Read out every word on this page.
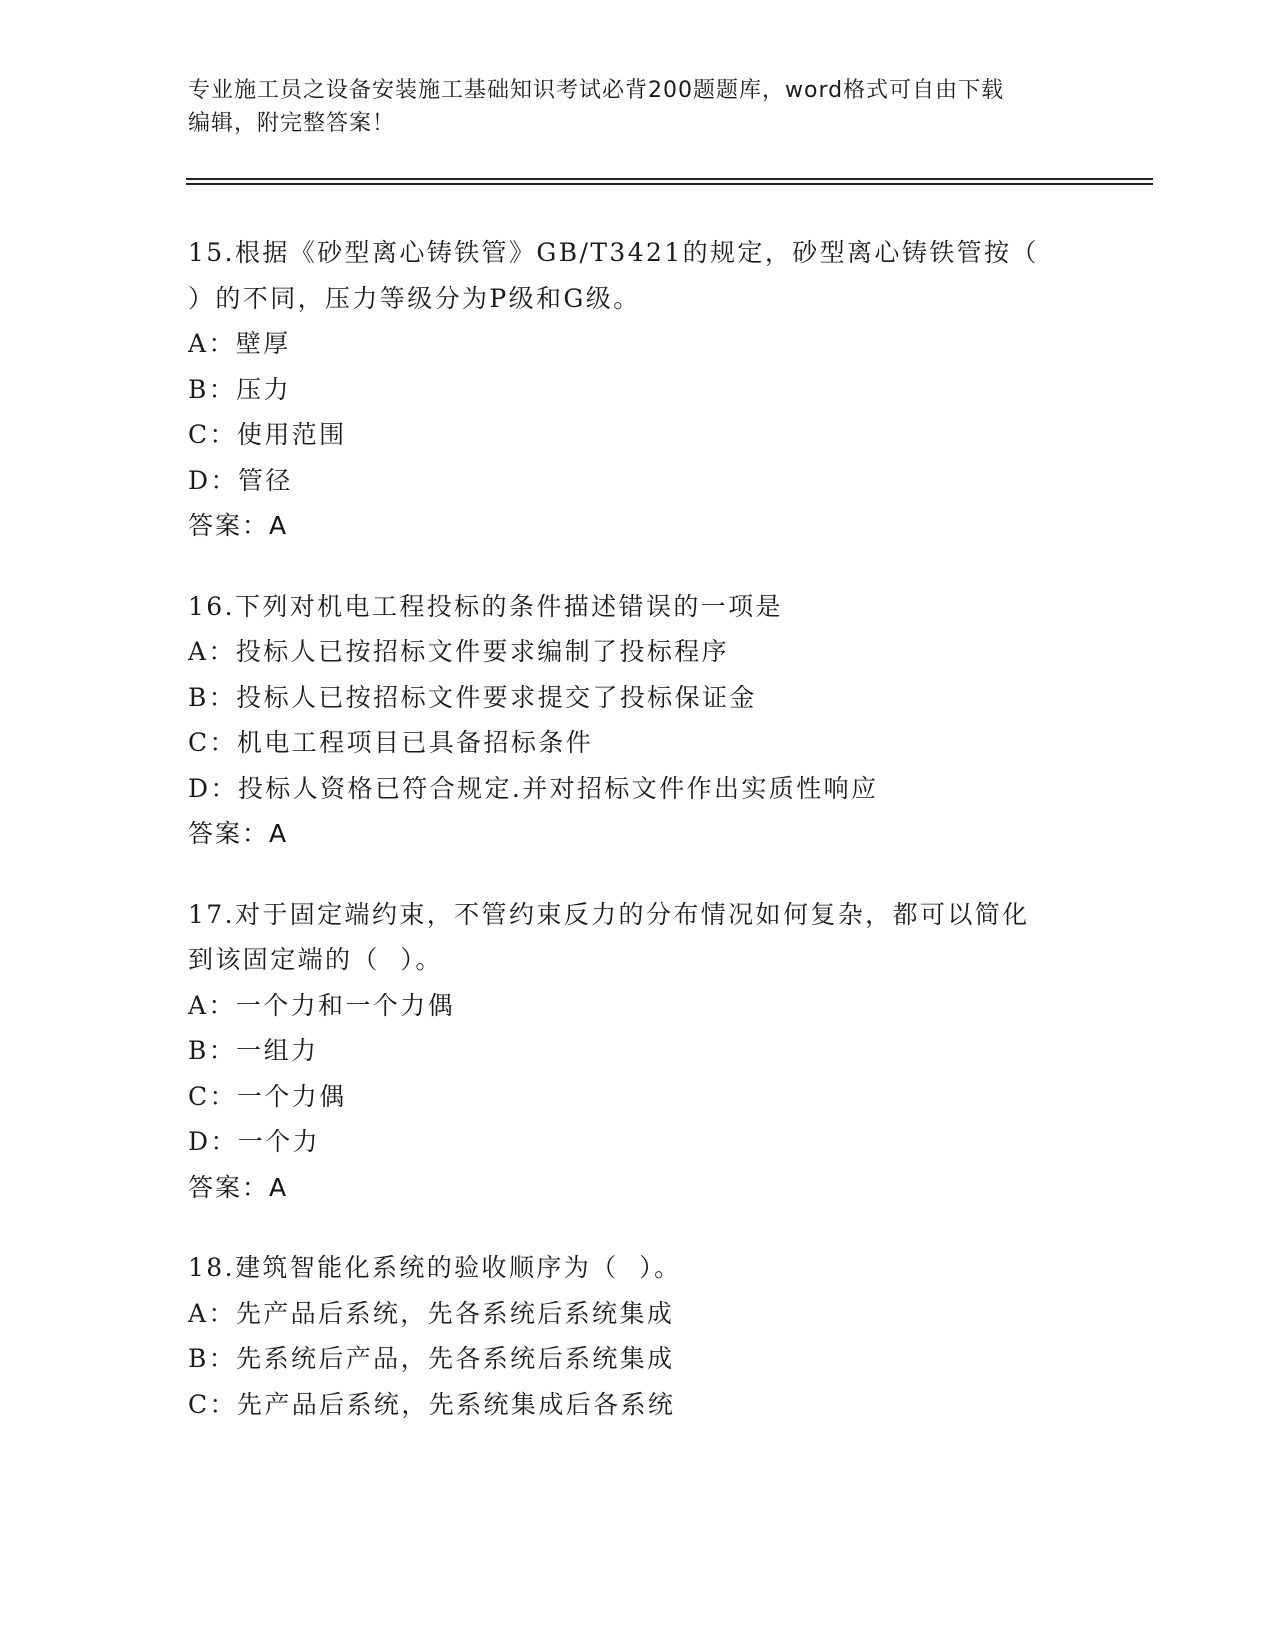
专业施工员之设备安装施工基础知识考试必背200题题库，word格式可自由下载
编辑，附完整答案！
15.根据《砂型离心铸铁管》GB/T3421的规定，砂型离心铸铁管按（
）的不同，压力等级分为P级和G级。
A：壁厚
B：压力
C：使用范围
D：管径
答案：A
16.下列对机电工程投标的条件描述错误的一项是
A：投标人已按招标文件要求编制了投标程序
B：投标人已按招标文件要求提交了投标保证金
C：机电工程项目已具备招标条件
D：投标人资格已符合规定.并对招标文件作出实质性响应
答案：A
17.对于固定端约束，不管约束反力的分布情况如何复杂，都可以简化
到该固定端的（  ）。
A：一个力和一个力偶
B：一组力
C：一个力偶
D：一个力
答案：A
18.建筑智能化系统的验收顺序为（  ）。
A：先产品后系统，先各系统后系统集成
B：先系统后产品，先各系统后系统集成
C：先产品后系统，先系统集成后各系统
